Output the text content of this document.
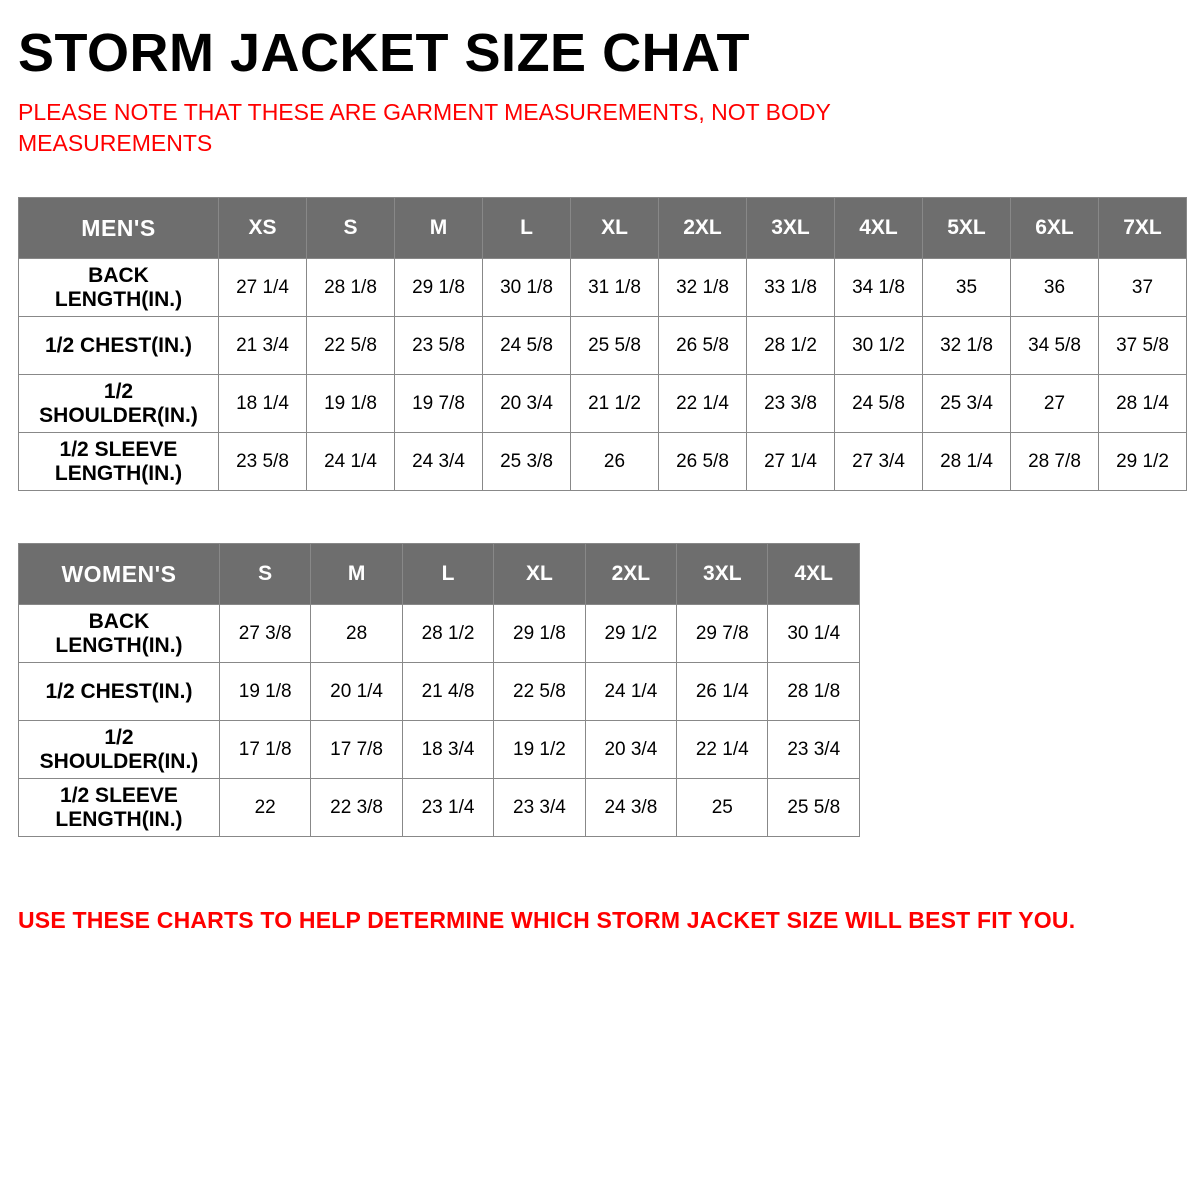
STORM JACKET SIZE CHAT

PLEASE NOTE THAT THESE ARE GARMENT MEASUREMENTS, NOT BODY MEASUREMENTS

MEN'S	XS	S	M	L	XL	2XL	3XL	4XL	5XL	6XL	7XL
BACK LENGTH(IN.)	27 1/4	28 1/8	29 1/8	30 1/8	31 1/8	32 1/8	33 1/8	34 1/8	35	36	37
1/2 CHEST(IN.)	21 3/4	22 5/8	23 5/8	24 5/8	25 5/8	26 5/8	28 1/2	30 1/2	32 1/8	34 5/8	37 5/8
1/2 SHOULDER(IN.)	18 1/4	19 1/8	19 7/8	20 3/4	21 1/2	22 1/4	23 3/8	24 5/8	25 3/4	27	28 1/4
1/2 SLEEVE LENGTH(IN.)	23 5/8	24 1/4	24 3/4	25 3/8	26	26 5/8	27 1/4	27 3/4	28 1/4	28 7/8	29 1/2
WOMEN'S	S	M	L	XL	2XL	3XL	4XL
BACK LENGTH(IN.)	27 3/8	28	28 1/2	29 1/8	29 1/2	29 7/8	30 1/4
1/2 CHEST(IN.)	19 1/8	20 1/4	21 4/8	22 5/8	24 1/4	26 1/4	28 1/8
1/2 SHOULDER(IN.)	17 1/8	17 7/8	18 3/4	19 1/2	20 3/4	22 1/4	23 3/4
1/2 SLEEVE LENGTH(IN.)	22	22 3/8	23 1/4	23 3/4	24 3/8	25	25 5/8
USE THESE CHARTS TO HELP DETERMINE WHICH STORM JACKET SIZE WILL BEST FIT YOU.
